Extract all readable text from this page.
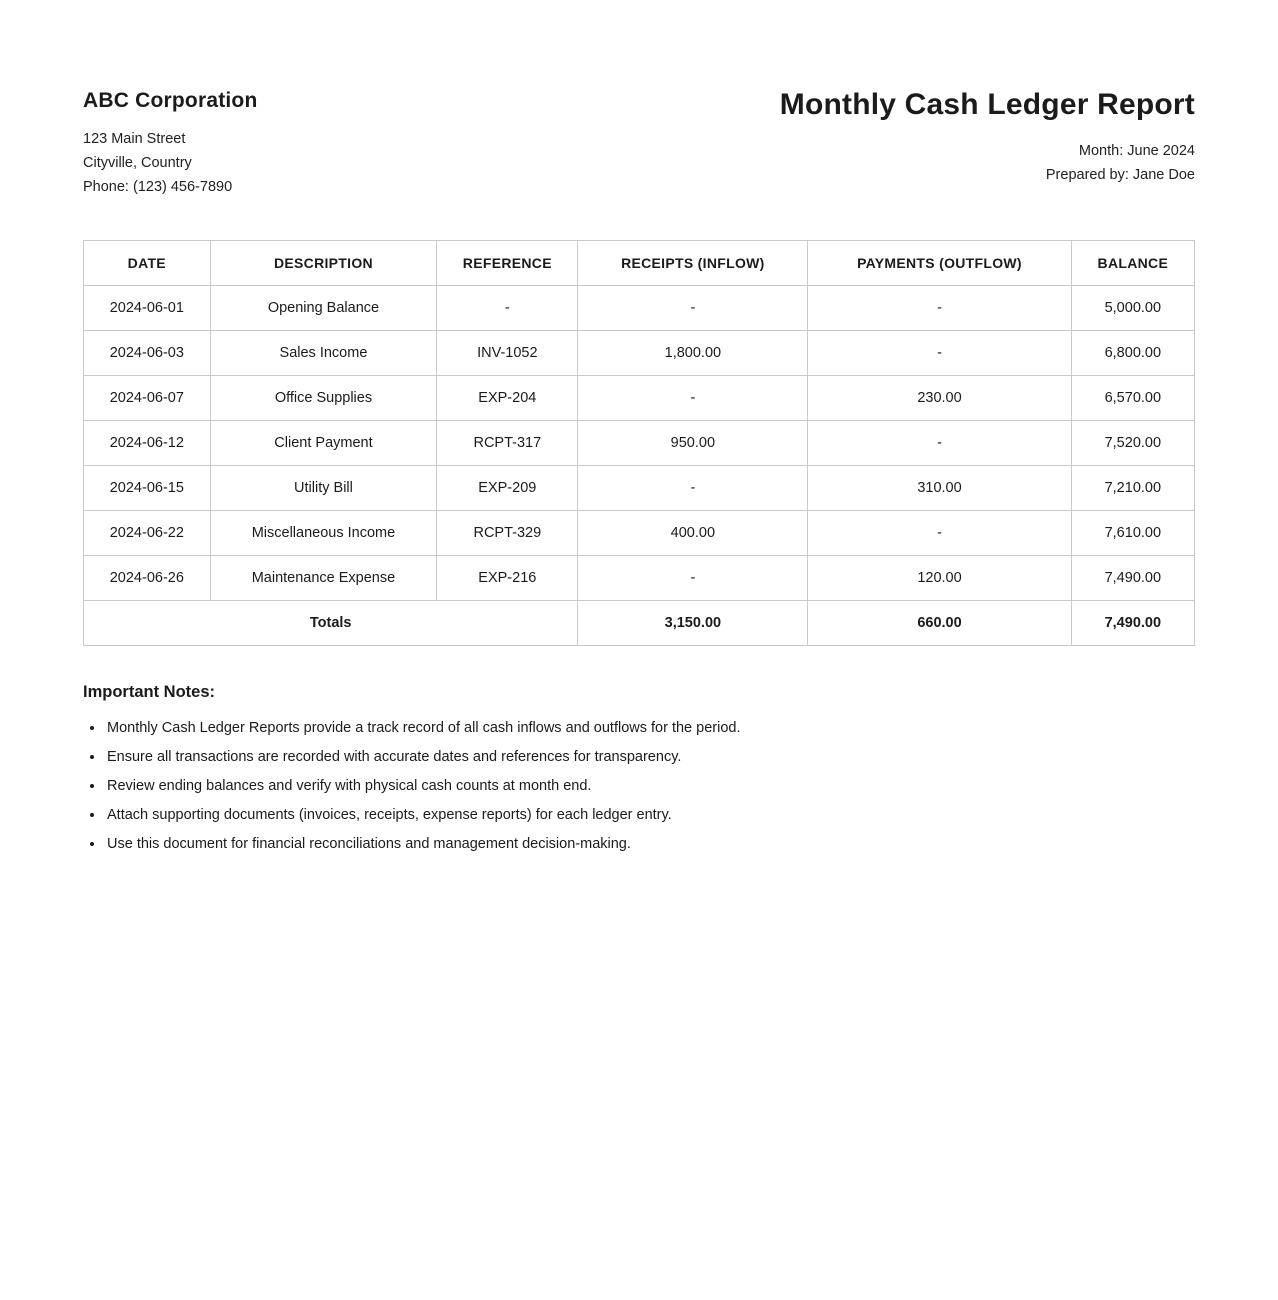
ABC Corporation
123 Main Street
Cityville, Country
Phone: (123) 456-7890
Monthly Cash Ledger Report
Month: June 2024
Prepared by: Jane Doe
DATE	DESCRIPTION	REFERENCE	RECEIPTS (INFLOW)	PAYMENTS (OUTFLOW)	BALANCE
2024-06-01	Opening Balance	-	-	-	5,000.00
2024-06-03	Sales Income	INV-1052	1,800.00	-	6,800.00
2024-06-07	Office Supplies	EXP-204	-	230.00	6,570.00
2024-06-12	Client Payment	RCPT-317	950.00	-	7,520.00
2024-06-15	Utility Bill	EXP-209	-	310.00	7,210.00
2024-06-22	Miscellaneous Income	RCPT-329	400.00	-	7,610.00
2024-06-26	Maintenance Expense	EXP-216	-	120.00	7,490.00
Totals			3,150.00	660.00	7,490.00
Important Notes:
• Monthly Cash Ledger Reports provide a track record of all cash inflows and outflows for the period.
• Ensure all transactions are recorded with accurate dates and references for transparency.
• Review ending balances and verify with physical cash counts at month end.
• Attach supporting documents (invoices, receipts, expense reports) for each ledger entry.
• Use this document for financial reconciliations and management decision-making.
